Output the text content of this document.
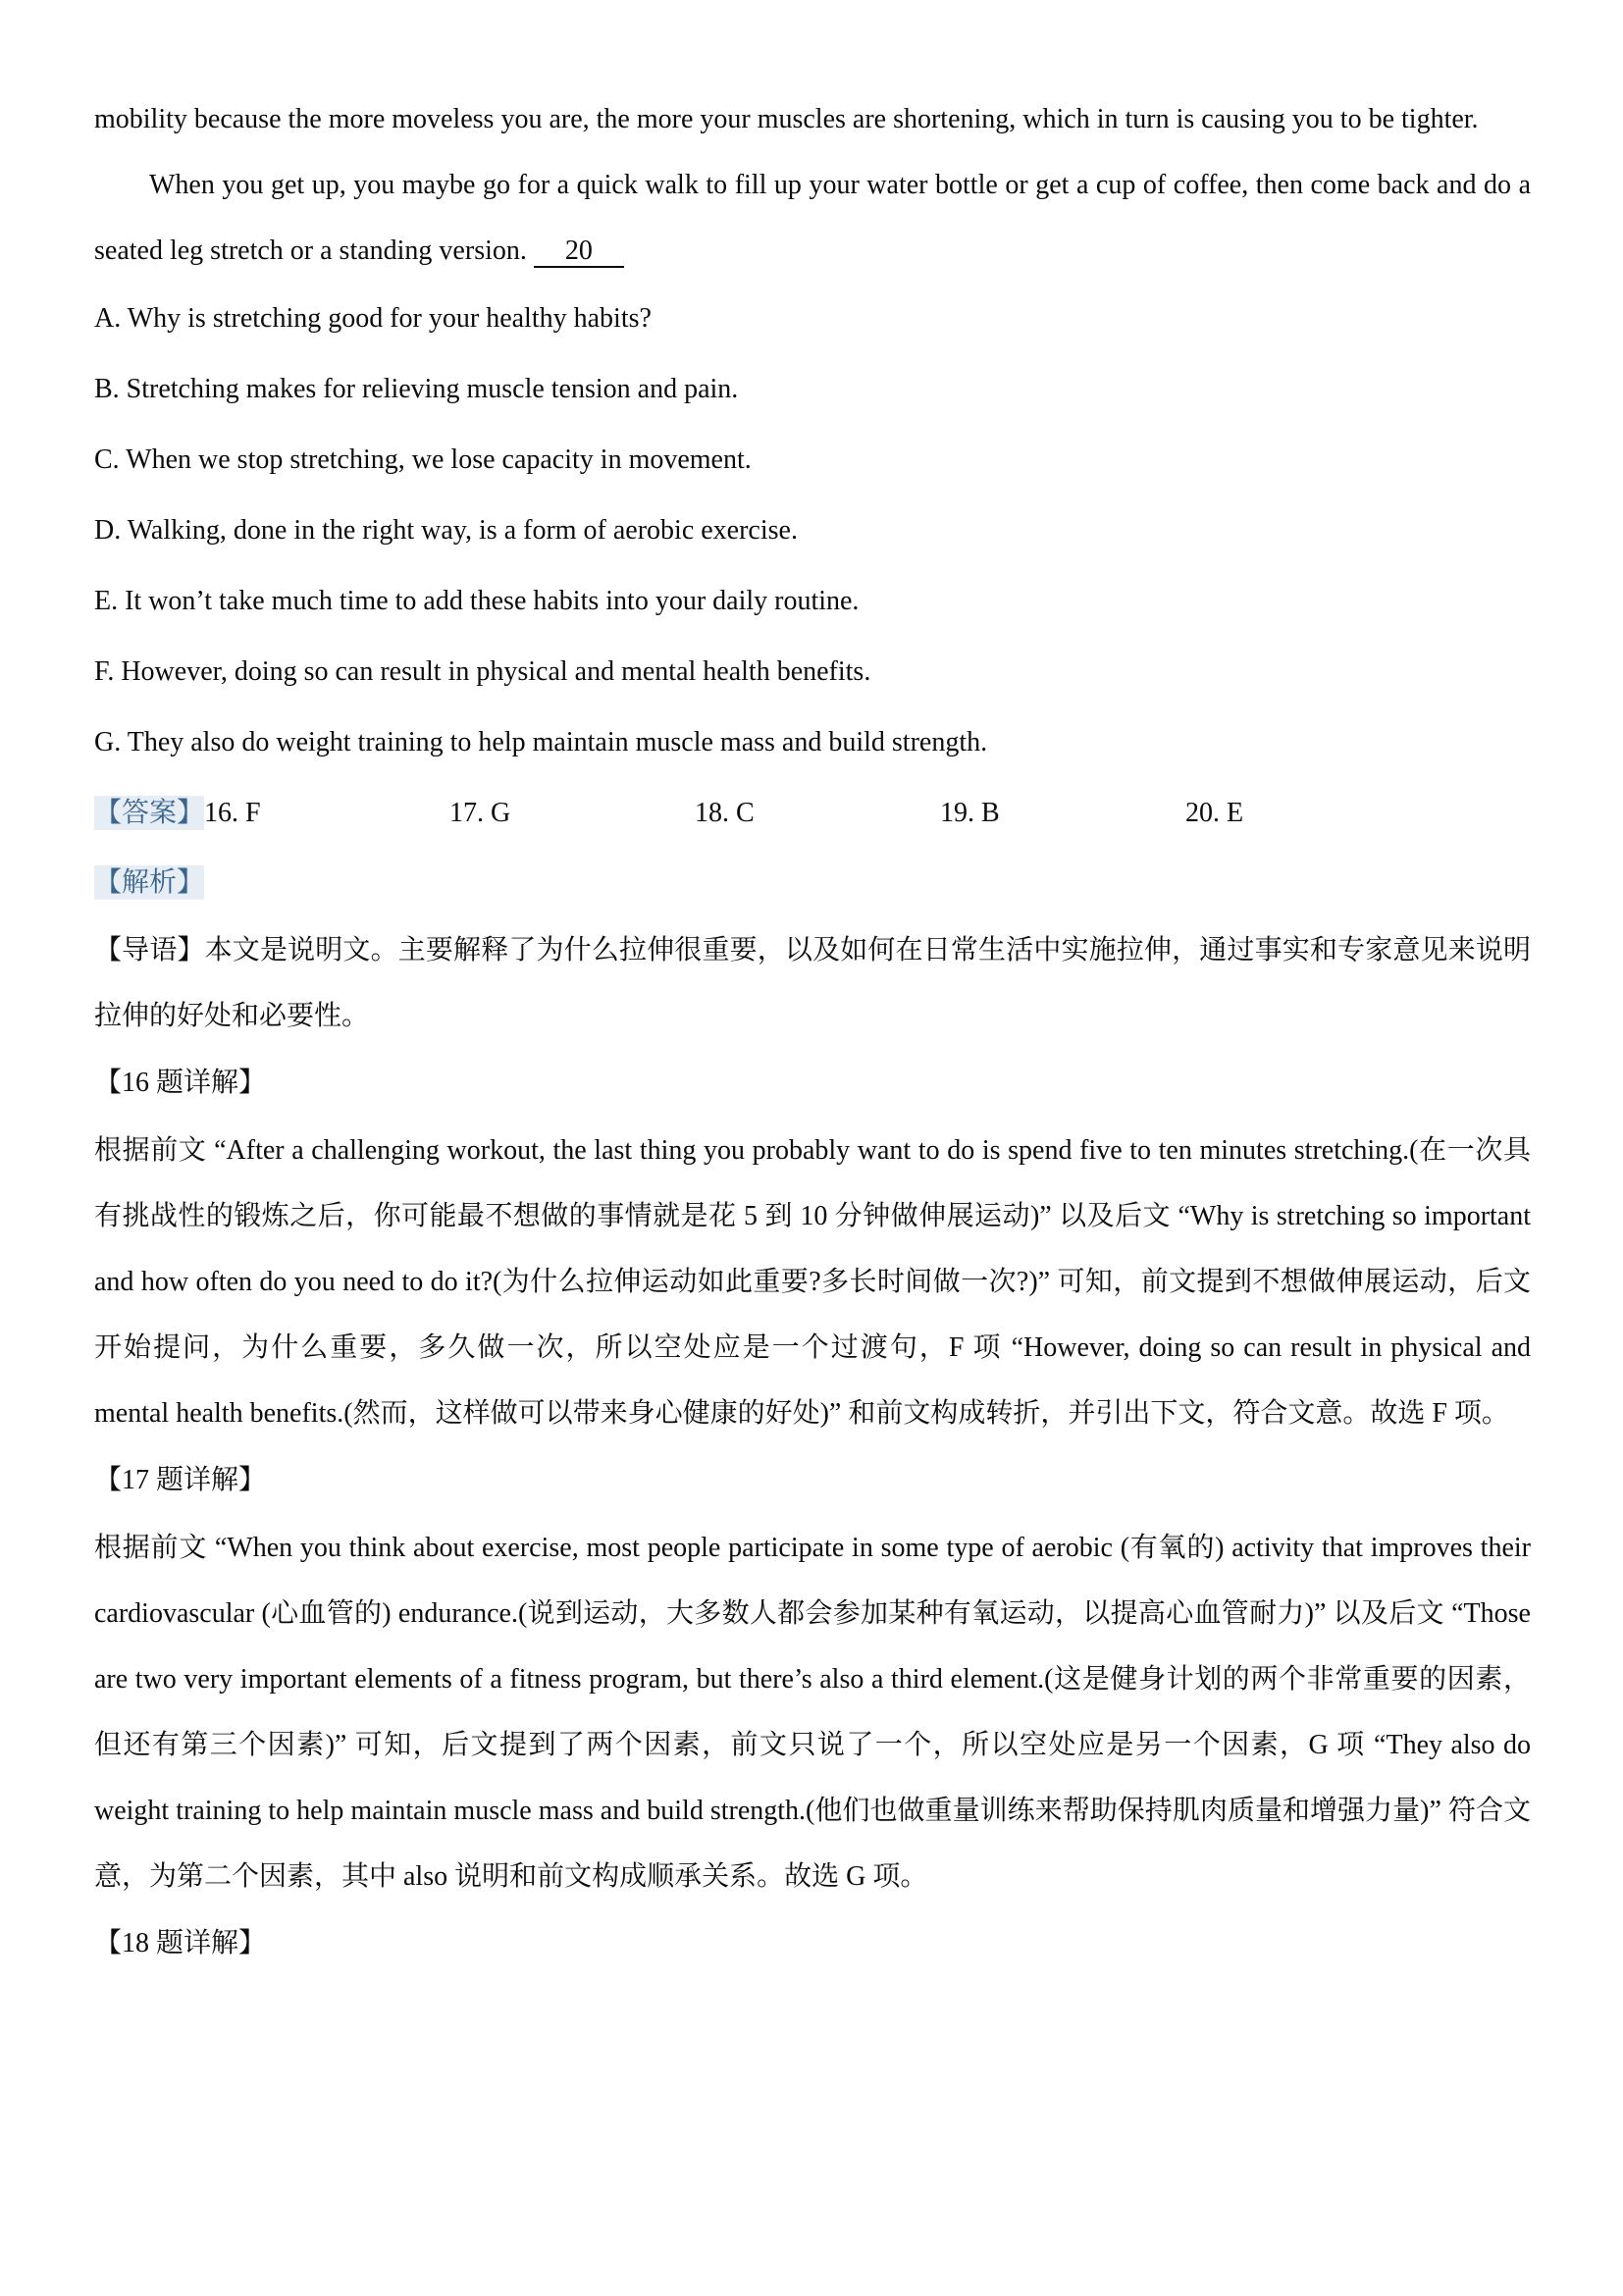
mobility because the more moveless you are, the more your muscles are shortening, which in turn is causing you to be tighter.

When you get up, you maybe go for a quick walk to fill up your water bottle or get a cup of coffee, then come back and do a seated leg stretch or a standing version. 20

A. Why is stretching good for your healthy habits?

B. Stretching makes for relieving muscle tension and pain.

C. When we stop stretching, we lose capacity in movement.

D. Walking, done in the right way, is a form of aerobic exercise.

E. It won’t take much time to add these habits into your daily routine.

F. However, doing so can result in physical and mental health benefits.

G. They also do weight training to help maintain muscle mass and build strength.

【答案】16. F	17. G	18. C	19. B	20. E

【解析】

【导语】本文是说明文。主要解释了为什么拉伸很重要，以及如何在日常生活中实施拉伸，通过事实和专家意见来说明拉伸的好处和必要性。

【16 题详解】

根据前文 “After a challenging workout, the last thing you probably want to do is spend five to ten minutes stretching.(在一次具有挑战性的锻炼之后，你可能最不想做的事情就是花 5 到 10 分钟做伸展运动)” 以及后文 “Why is stretching so important and how often do you need to do it?(为什么拉伸运动如此重要?多长时间做一次?)” 可知，前文提到不想做伸展运动，后文开始提问，为什么重要，多久做一次，所以空处应是一个过渡句，F 项 “However, doing so can result in physical and mental health benefits.(然而，这样做可以带来身心健康的好处)” 和前文构成转折，并引出下文，符合文意。故选 F 项。

【17 题详解】

根据前文 “When you think about exercise, most people participate in some type of aerobic (有氧的) activity that improves their cardiovascular (心血管的) endurance.(说到运动，大多数人都会参加某种有氧运动，以提高心血管耐力)” 以及后文 “Those are two very important elements of a fitness program, but there’s also a third element.(这是健身计划的两个非常重要的因素，但还有第三个因素)” 可知，后文提到了两个因素，前文只说了一个，所以空处应是另一个因素，G 项 “They also do weight training to help maintain muscle mass and build strength.(他们也做重量训练来帮助保持肌肉质量和增强力量)” 符合文意，为第二个因素，其中 also 说明和前文构成顺承关系。故选 G 项。

【18 题详解】
